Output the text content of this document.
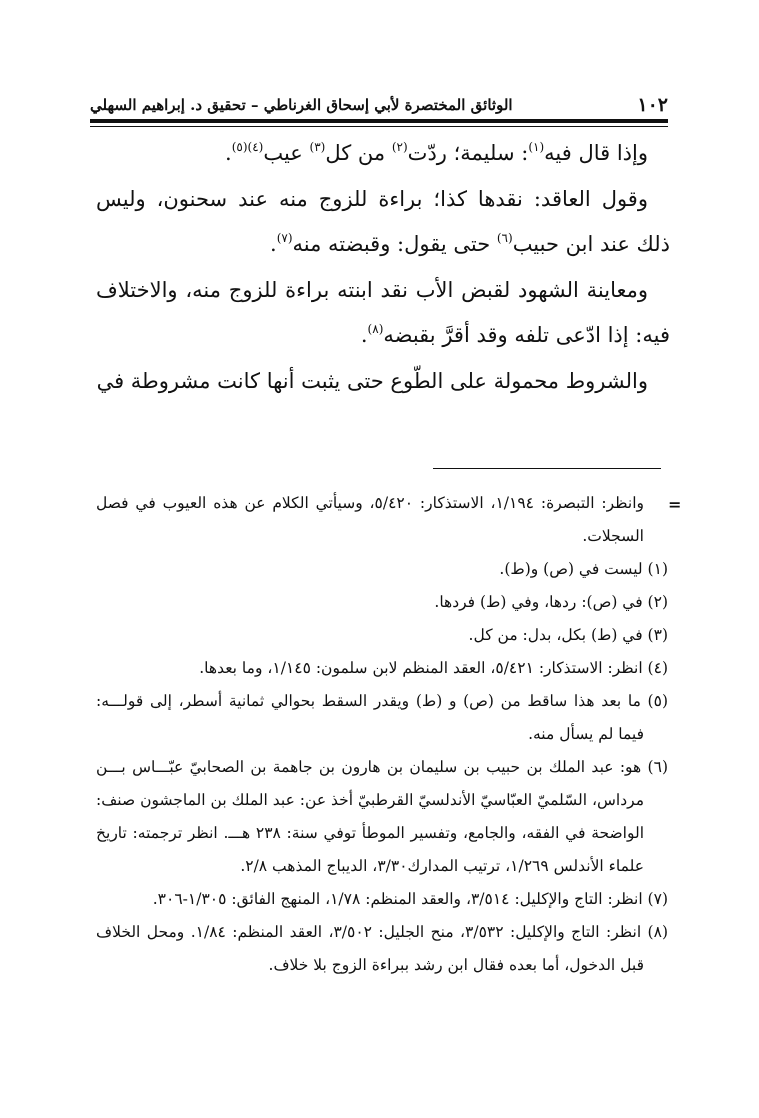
١٠٢
الوثائق المختصرة لأبي إسحاق الغرناطي – تحقيق د. إبراهيم السهلي

وإذا قال فيه$^{(١)}$: سليمة؛ ردّت$^{(٢)}$ من كل$^{(٣)}$ عيب$^{(٤)(٥)}$.

وقول العاقد: نقدها كذا؛ براءة للزوج منه عند سحنون، وليس ذلك عند ابن حبيب$^{(٦)}$ حتى يقول: وقبضته منه$^{(٧)}$.

ومعاينة الشهود لقبض الأب نقد ابنته براءة للزوج منه، والاختلاف فيه: إذا ادّعى تلفه وقد أقرَّ بقبضه$^{(٨)}$.

والشروط محمولة على الطّوع حتى يثبت أنها كانت مشروطة في

=

وانظر: التبصرة: ١/١٩٤، الاستذكار: ٥/٤٢٠، وسيأتي الكلام عن هذه العيوب في فصل السجلات.

(١) ليست في (ص) و(ط).

(٢) في (ص): ردها، وفي (ط) فردها.

(٣) في (ط) بكل، بدل: من كل.

(٤) انظر: الاستذكار: ٥/٤٢١، العقد المنظم لابن سلمون: ١/١٤٥، وما بعدها.

(٥) ما بعد هذا ساقط من (ص) و (ط) ويقدر السقط بحوالي ثمانية أسطر، إلى قولـــه: فيما لم يسأل منه.

(٦) هو: عبد الملك بن حبيب بن سليمان بن هارون بن جاهمة بن الصحابيّ عبّـــاس بـــن مرداس، السّلميّ العبّاسيّ الأندلسيّ القرطبيّ أخذ عن: عبد الملك بن الماجشون صنف: الواضحة في الفقه، والجامع، وتفسير الموطأ توفي سنة: ٢٣٨ هـــ. انظر ترجمته: تاريخ علماء الأندلس ١/٢٦٩، ترتيب المدارك٣/٣٠، الديباج المذهب ٢/٨.

(٧) انظر: التاج والإكليل: ٣/٥١٤، والعقد المنظم: ١/٧٨، المنهج الفائق: ١/٣٠٥-٣٠٦.

(٨) انظر: التاج والإكليل: ٣/٥٣٢، منح الجليل: ٣/٥٠٢، العقد المنظم: ١/٨٤. ومحل الخلاف قبل الدخول، أما بعده فقال ابن رشد ببراءة الزوج بلا خلاف.
